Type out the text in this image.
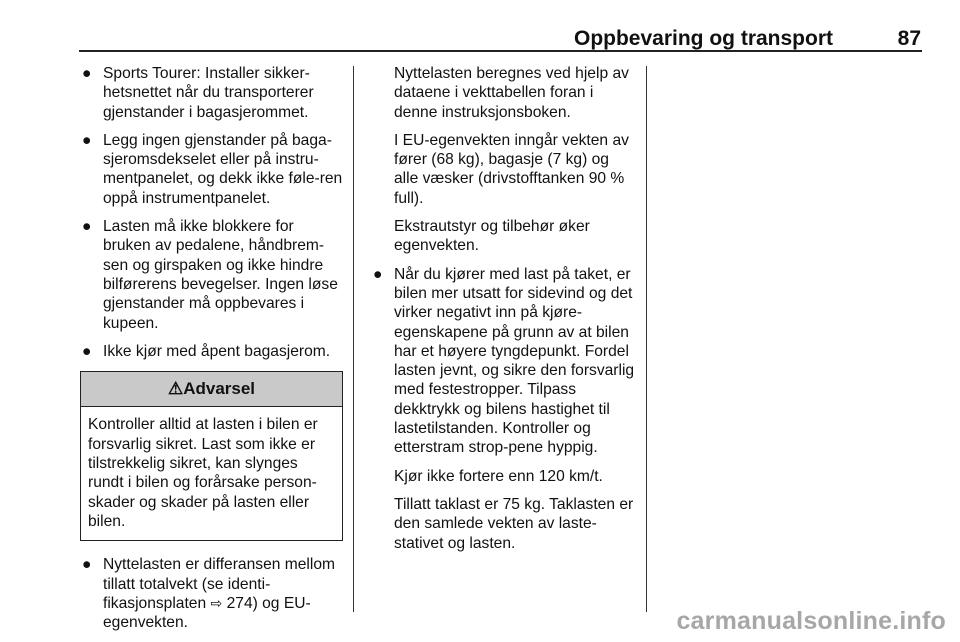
Oppbevaring og transport	87
● Sports Tourer: Installer sikker-hetsnettet når du transporterer gjenstander i bagasjerommet.
● Legg ingen gjenstander på baga-sjeromsdekselet eller på instru-mentpanelet, og dekk ikke føle-ren oppå instrumentpanelet.
● Lasten må ikke blokkere for bruken av pedalene, håndbrem-sen og girspaken og ikke hindre bilførerens bevegelser. Ingen løse gjenstander må oppbevares i kupeen.
● Ikke kjør med åpent bagasjerom.
⚠Advarsel
Kontroller alltid at lasten i bilen er forsvarlig sikret. Last som ikke er tilstrekkelig sikret, kan slynges rundt i bilen og forårsake person-skader og skader på lasten eller bilen.
● Nyttelasten er differansen mellom tillatt totalvekt (se identi-fikasjonsplaten ⇨ 274) og EU-egenvekten.

Nyttelasten beregnes ved hjelp av dataene i vekttabellen foran i denne instruksjonsboken.

I EU-egenvekten inngår vekten av fører (68 kg), bagasje (7 kg) og alle væsker (drivstofftanken 90 % full).

Ekstrautstyr og tilbehør øker egenvekten.

● Når du kjører med last på taket, er bilen mer utsatt for sidevind og det virker negativt inn på kjøre-egenskapene på grunn av at bilen har et høyere tyngdepunkt. Fordel lasten jevnt, og sikre den forsvarlig med festestropper. Tilpass dekktrykk og bilens hastighet til lastetilstanden. Kontroller og etterstram strop-pene hyppig.

Kjør ikke fortere enn 120 km/t.

Tillatt taklast er 75 kg. Taklasten er den samlede vekten av laste-stativet og lasten.

carmanualsonline.info
